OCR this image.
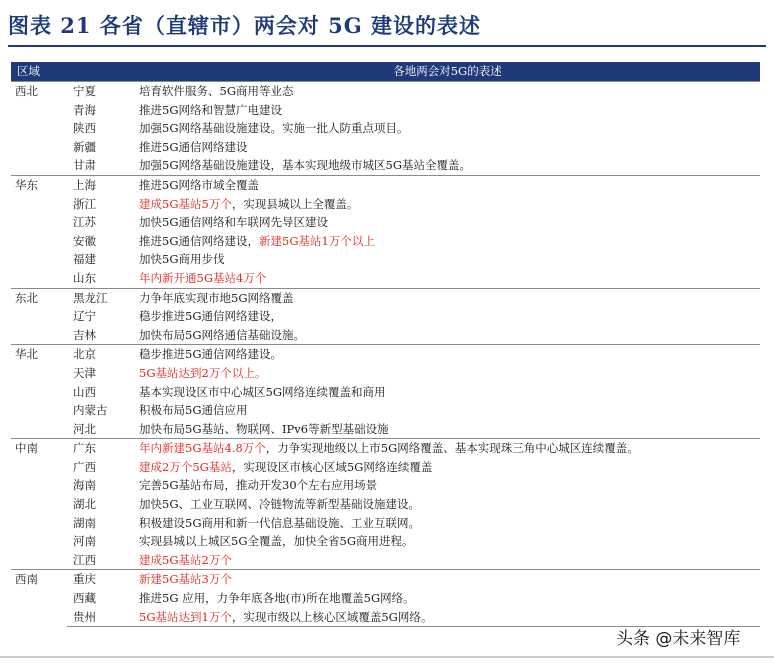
图表 21 各省（直辖市）两会对 5G 建设的表述
区域		各地两会对5G的表述
西北	宁夏	培育软件服务、5G商用等业态
	青海	推进5G网络和智慧广电建设
	陕西	加强5G网络基础设施建设。实施一批人防重点项目。
	新疆	推进5G通信网络建设
	甘肃	加强5G网络基础设施建设，基本实现地级市城区5G基站全覆盖。
华东	上海	推进5G网络市域全覆盖
	浙江	建成5G基站5万个，实现县城以上全覆盖。
	江苏	加快5G通信网络和车联网先导区建设
	安徽	推进5G通信网络建设，新建5G基站1万个以上
	福建	加快5G商用步伐
	山东	年内新开通5G基站4万个
东北	黑龙江	力争年底实现市地5G网络覆盖
	辽宁	稳步推进5G通信网络建设，
	吉林	加快布局5G网络通信基础设施。
华北	北京	稳步推进5G通信网络建设。
	天津	5G基站达到2万个以上。
	山西	基本实现设区市中心城区5G网络连续覆盖和商用
	内蒙古	积极布局5G通信应用
	河北	加快布局5G基站、物联网、IPv6等新型基础设施
中南	广东	年内新建5G基站4.8万个，力争实现地级以上市5G网络覆盖、基本实现珠三角中心城区连续覆盖。
	广西	建成2万个5G基站，实现设区市核心区域5G网络连续覆盖
	海南	完善5G基站布局，推动开发30个左右应用场景
	湖北	加快5G、工业互联网、冷链物流等新型基础设施建设。
	湖南	积极建设5G商用和新一代信息基础设施、工业互联网。
	河南	实现县城以上城区5G全覆盖，加快全省5G商用进程。
	江西	建成5G基站2万个
西南	重庆	新建5G基站3万个
	西藏	推进5G 应用，力争年底各地(市)所在地覆盖5G网络。
	贵州	5G基站达到1万个，实现市级以上核心区域覆盖5G网络。
头条 @未来智库
